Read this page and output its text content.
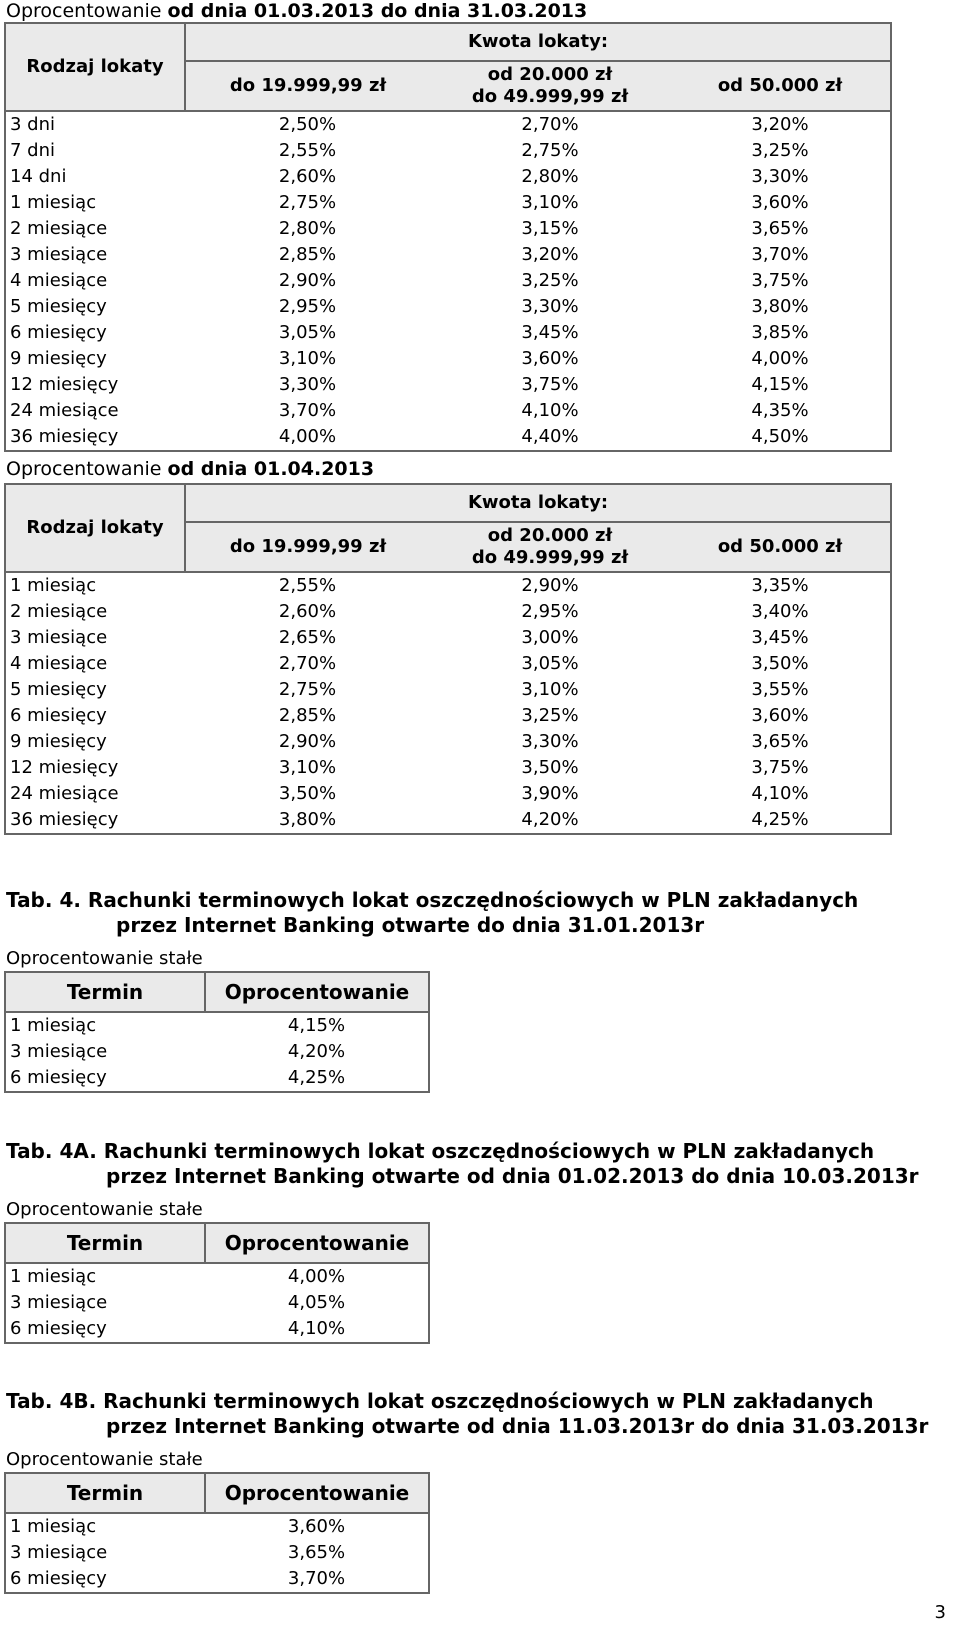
Oprocentowanie od dnia 01.03.2013 do dnia 31.03.2013
Rodzaj lokaty	Kwota lokaty:		
	do 19.999,99 zł	od 20.000 zł
do 49.999,99 zł	od 50.000 zł
3 dni	2,50%	2,70%	3,20%
7 dni	2,55%	2,75%	3,25%
14 dni	2,60%	2,80%	3,30%
1 miesiąc	2,75%	3,10%	3,60%
2 miesiące	2,80%	3,15%	3,65%
3 miesiące	2,85%	3,20%	3,70%
4 miesiące	2,90%	3,25%	3,75%
5 miesięcy	2,95%	3,30%	3,80%
6 miesięcy	3,05%	3,45%	3,85%
9 miesięcy	3,10%	3,60%	4,00%
12 miesięcy	3,30%	3,75%	4,15%
24 miesiące	3,70%	4,10%	4,35%
36 miesięcy	4,00%	4,40%	4,50%
Oprocentowanie od dnia 01.04.2013
Rodzaj lokaty	Kwota lokaty:		
	do 19.999,99 zł	od 20.000 zł
do 49.999,99 zł	od 50.000 zł
1 miesiąc	2,55%	2,90%	3,35%
2 miesiące	2,60%	2,95%	3,40%
3 miesiące	2,65%	3,00%	3,45%
4 miesiące	2,70%	3,05%	3,50%
5 miesięcy	2,75%	3,10%	3,55%
6 miesięcy	2,85%	3,25%	3,60%
9 miesięcy	2,90%	3,30%	3,65%
12 miesięcy	3,10%	3,50%	3,75%
24 miesiące	3,50%	3,90%	4,10%
36 miesięcy	3,80%	4,20%	4,25%
Tab. 4. Rachunki terminowych lokat oszczędnościowych w PLN zakładanych
przez Internet Banking otwarte do dnia 31.01.2013r
Oprocentowanie stałe
Termin	Oprocentowanie
1 miesiąc	4,15%
3 miesiące	4,20%
6 miesięcy	4,25%
Tab. 4A. Rachunki terminowych lokat oszczędnościowych w PLN zakładanych
przez Internet Banking otwarte od dnia 01.02.2013 do dnia 10.03.2013r
Oprocentowanie stałe
Termin	Oprocentowanie
1 miesiąc	4,00%
3 miesiące	4,05%
6 miesięcy	4,10%
Tab. 4B. Rachunki terminowych lokat oszczędnościowych w PLN zakładanych
przez Internet Banking otwarte od dnia 11.03.2013r do dnia 31.03.2013r
Oprocentowanie stałe
Termin	Oprocentowanie
1 miesiąc	3,60%
3 miesiące	3,65%
6 miesięcy	3,70%
3
